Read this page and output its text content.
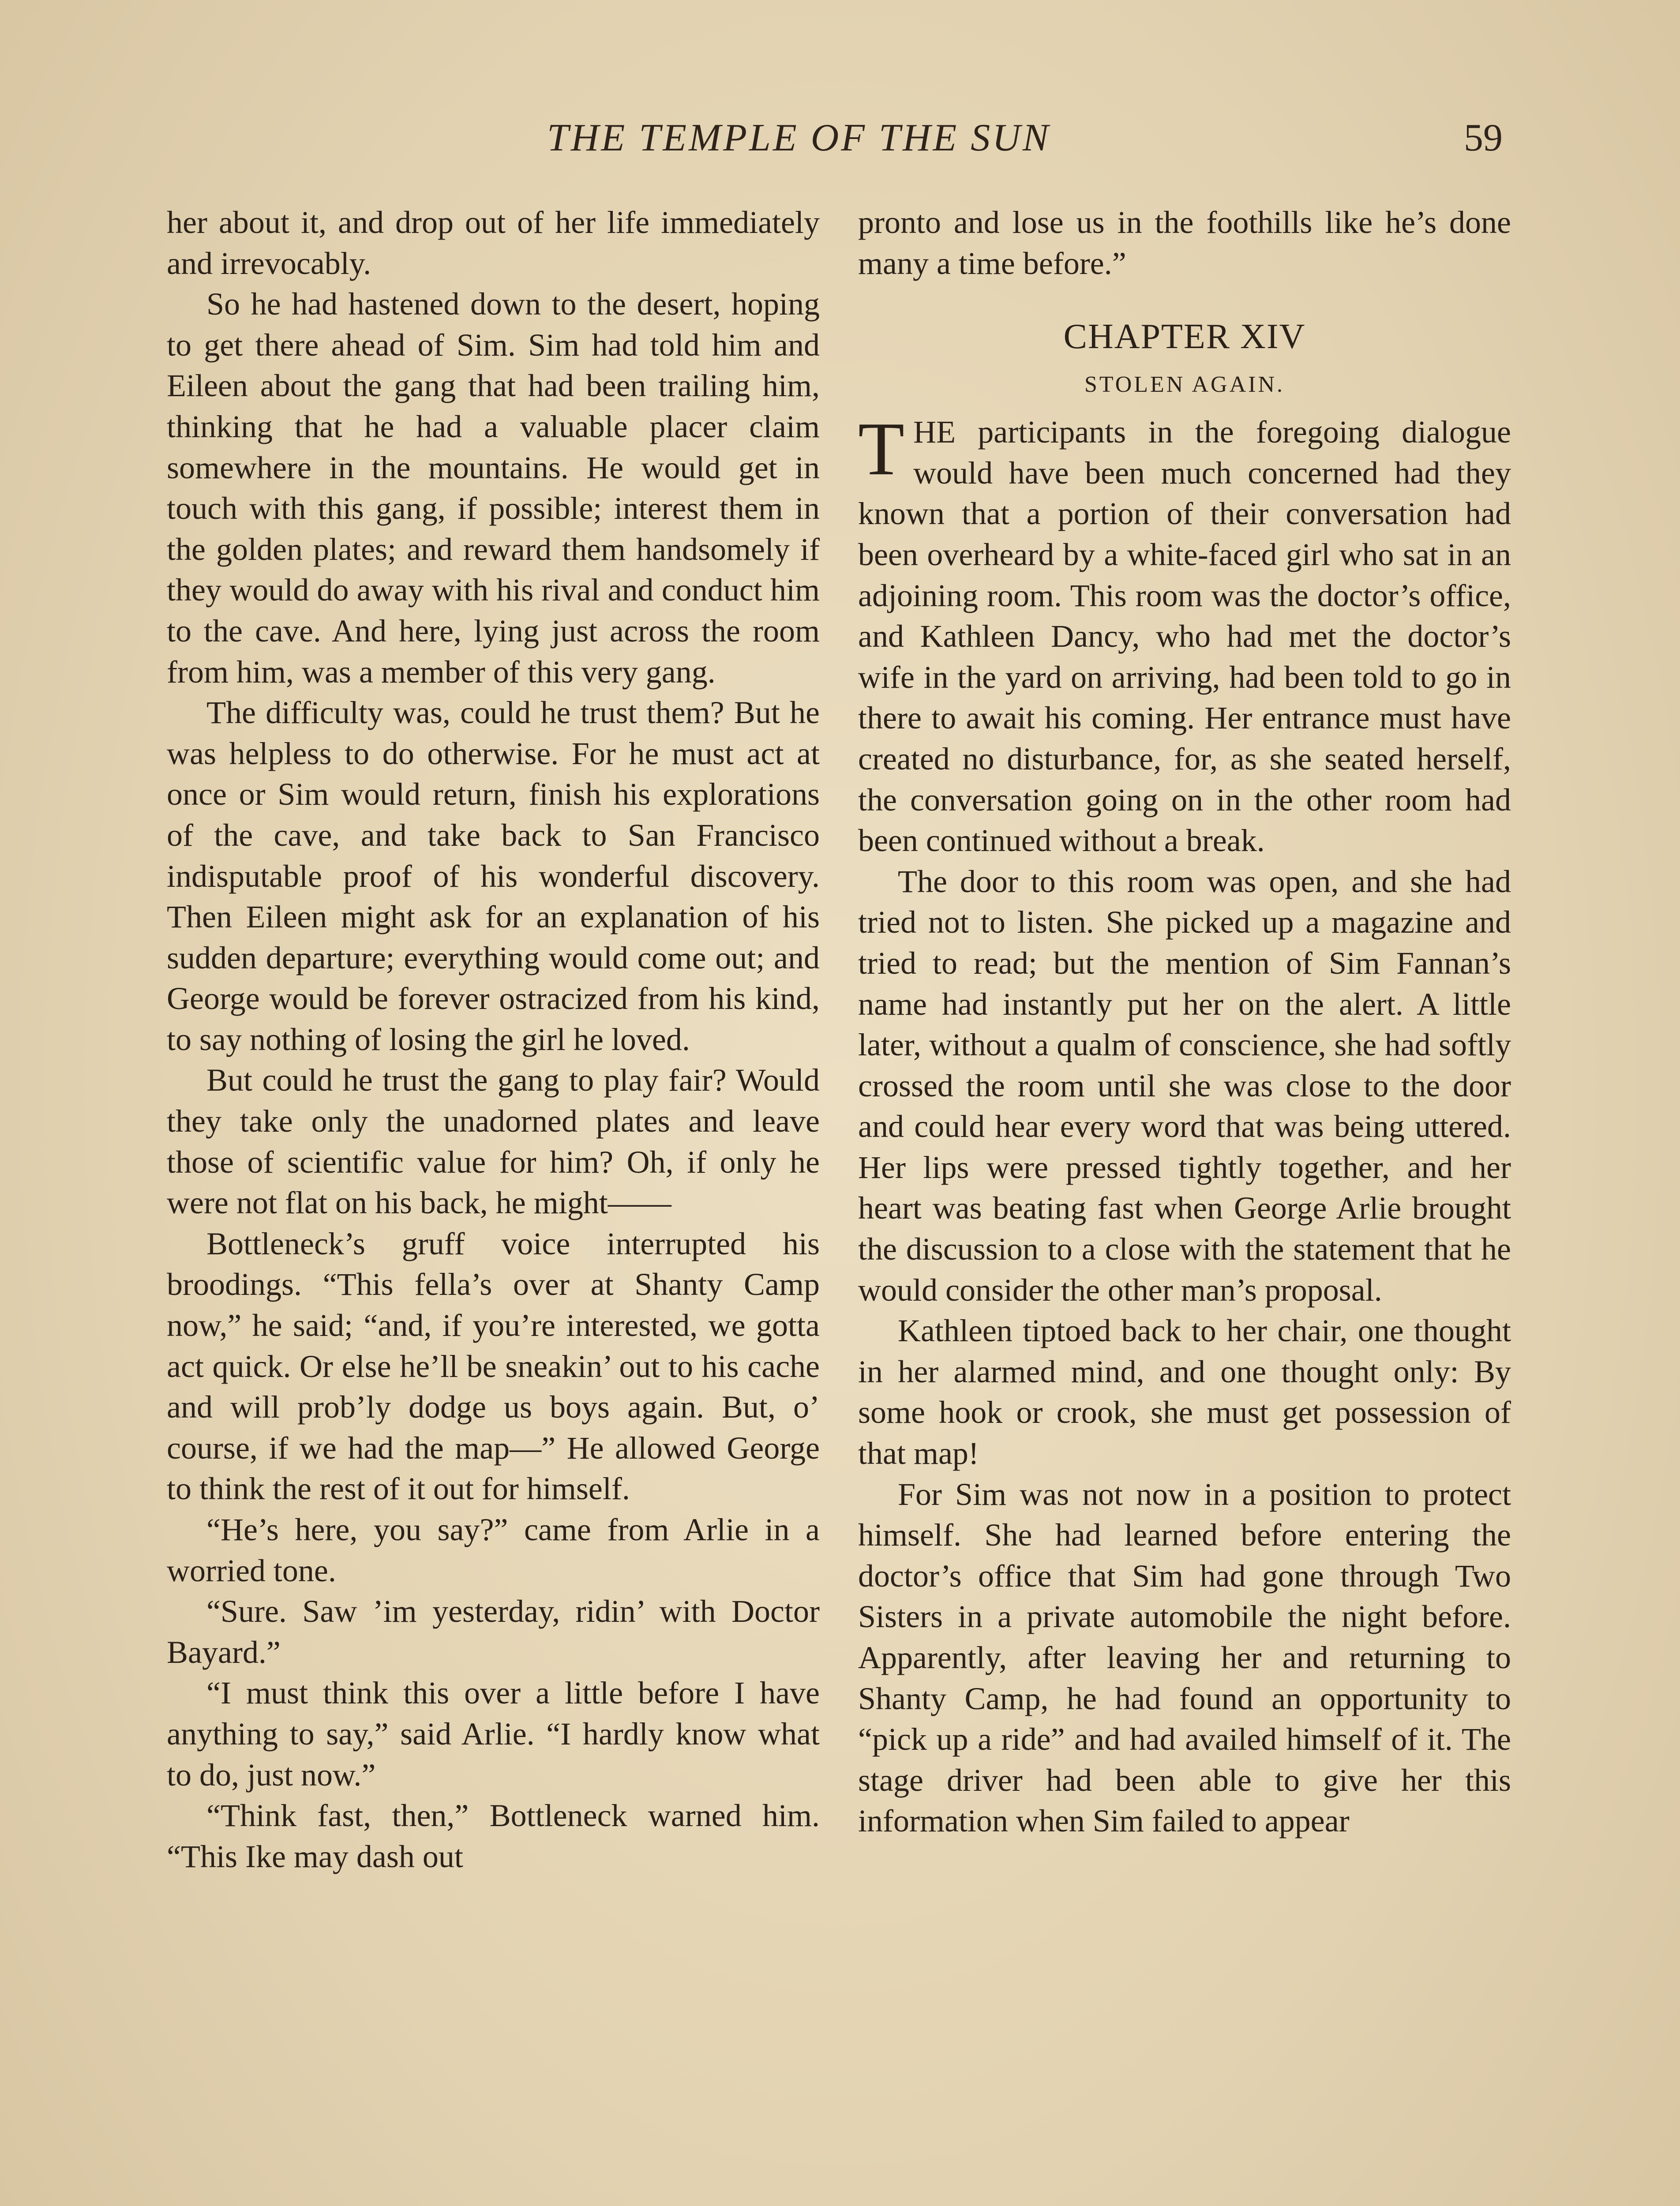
THE TEMPLE OF THE SUN	59

her about it, and drop out of her life immediately and irrevocably.

So he had hastened down to the desert, hoping to get there ahead of Sim. Sim had told him and Eileen about the gang that had been trailing him, thinking that he had a valuable placer claim somewhere in the mountains. He would get in touch with this gang, if possible; interest them in the golden plates; and reward them handsomely if they would do away with his rival and conduct him to the cave. And here, lying just across the room from him, was a member of this very gang.

The difficulty was, could he trust them? But he was helpless to do otherwise. For he must act at once or Sim would return, finish his explorations of the cave, and take back to San Francisco indisputable proof of his wonderful discovery. Then Eileen might ask for an explanation of his sudden departure; everything would come out; and George would be forever ostracized from his kind, to say nothing of losing the girl he loved.

But could he trust the gang to play fair? Would they take only the unadorned plates and leave those of scientific value for him? Oh, if only he were not flat on his back, he might——

Bottleneck’s gruff voice interrupted his broodings. “This fella’s over at Shanty Camp now,” he said; “and, if you’re interested, we gotta act quick. Or else he’ll be sneakin’ out to his cache and will prob’ly dodge us boys again. But, o’ course, if we had the map—” He allowed George to think the rest of it out for himself.

“He’s here, you say?” came from Arlie in a worried tone.

“Sure. Saw ’im yesterday, ridin’ with Doctor Bayard.”

“I must think this over a little before I have anything to say,” said Arlie. “I hardly know what to do, just now.”

“Think fast, then,” Bottleneck warned him. “This Ike may dash out

pronto and lose us in the foothills like he’s done many a time before.”

CHAPTER XIV
STOLEN AGAIN.

THE participants in the foregoing dialogue would have been much concerned had they known that a portion of their conversation had been overheard by a white-faced girl who sat in an adjoining room. This room was the doctor’s office, and Kathleen Dancy, who had met the doctor’s wife in the yard on arriving, had been told to go in there to await his coming. Her entrance must have created no disturbance, for, as she seated herself, the conversation going on in the other room had been continued without a break.

The door to this room was open, and she had tried not to listen. She picked up a magazine and tried to read; but the mention of Sim Fannan’s name had instantly put her on the alert. A little later, without a qualm of conscience, she had softly crossed the room until she was close to the door and could hear every word that was being uttered. Her lips were pressed tightly together, and her heart was beating fast when George Arlie brought the discussion to a close with the statement that he would consider the other man’s proposal.

Kathleen tiptoed back to her chair, one thought in her alarmed mind, and one thought only: By some hook or crook, she must get possession of that map!

For Sim was not now in a position to protect himself. She had learned before entering the doctor’s office that Sim had gone through Two Sisters in a private automobile the night before. Apparently, after leaving her and returning to Shanty Camp, he had found an opportunity to “pick up a ride” and had availed himself of it. The stage driver had been able to give her this information when Sim failed to appear
